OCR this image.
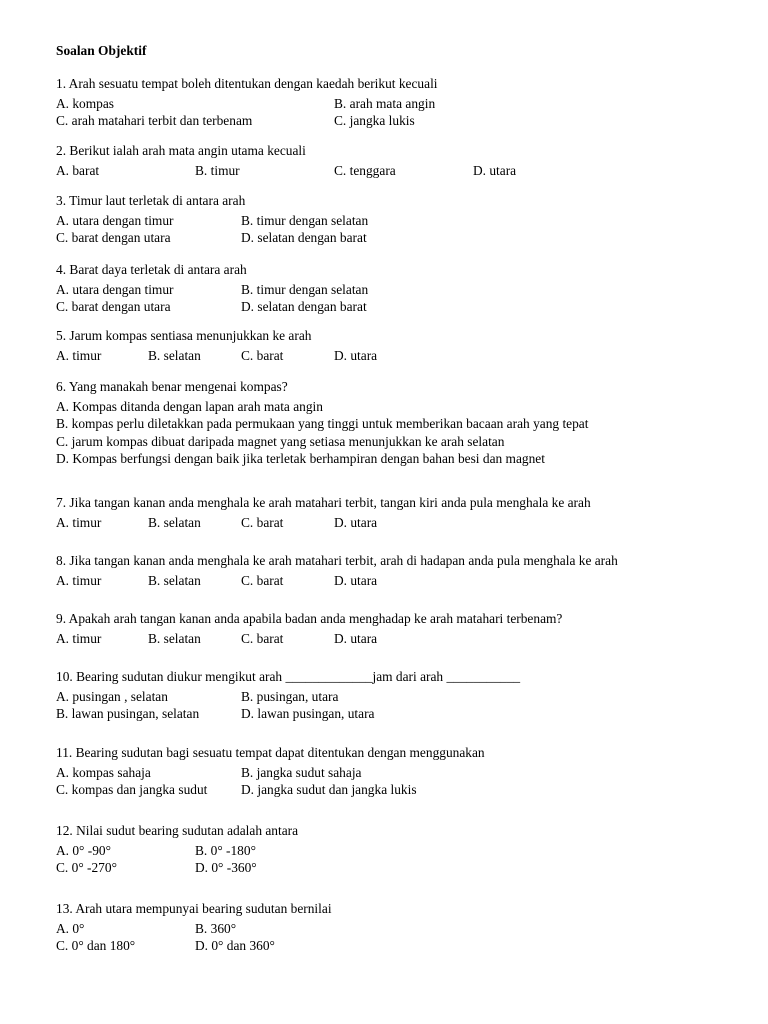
Soalan Objektif
1. Arah sesuatu tempat boleh ditentukan dengan kaedah berikut kecuali
A. kompas	B. arah mata angin
C. arah matahari terbit dan terbenam	C. jangka lukis
2. Berikut ialah arah mata angin utama kecuali
A. barat	B. timur	C. tenggara	D. utara
3. Timur laut terletak di antara arah
A. utara dengan timur	B. timur dengan selatan
C. barat dengan utara	D. selatan dengan barat
4. Barat daya terletak di antara arah
A. utara dengan timur	B. timur dengan selatan
C. barat dengan utara	D. selatan dengan barat
5. Jarum kompas sentiasa menunjukkan ke arah
A. timur	B. selatan	C. barat	D. utara
6. Yang manakah benar mengenai kompas?
A. Kompas ditanda dengan lapan arah mata angin
B. kompas perlu diletakkan pada permukaan yang tinggi untuk memberikan bacaan arah yang tepat
C. jarum kompas dibuat daripada magnet yang setiasa menunjukkan ke arah selatan
D. Kompas berfungsi dengan baik jika terletak berhampiran dengan bahan besi dan magnet
7. Jika tangan kanan anda menghala ke arah matahari terbit, tangan kiri anda pula menghala ke arah
A. timur	B. selatan	C. barat	D. utara
8. Jika tangan kanan anda menghala ke arah matahari terbit, arah di hadapan anda pula menghala ke arah
A. timur	B. selatan	C. barat	D. utara
9. Apakah arah tangan kanan anda apabila badan anda menghadap ke arah matahari terbenam?
A. timur	B. selatan	C. barat	D. utara
10. Bearing sudutan diukur mengikut arah _____________jam dari arah ___________
A. pusingan , selatan	B. pusingan, utara
B. lawan pusingan, selatan	D. lawan pusingan, utara
11. Bearing sudutan bagi sesuatu tempat dapat ditentukan dengan menggunakan
A. kompas sahaja	B. jangka sudut sahaja
C. kompas dan jangka sudut	D. jangka sudut dan jangka lukis
12. Nilai sudut bearing sudutan adalah antara
A. 0° -90°	B. 0° -180°
C. 0° -270°	D. 0° -360°
13. Arah utara mempunyai bearing sudutan bernilai
A. 0°	B. 360°
C. 0° dan 180°	D. 0° dan 360°
